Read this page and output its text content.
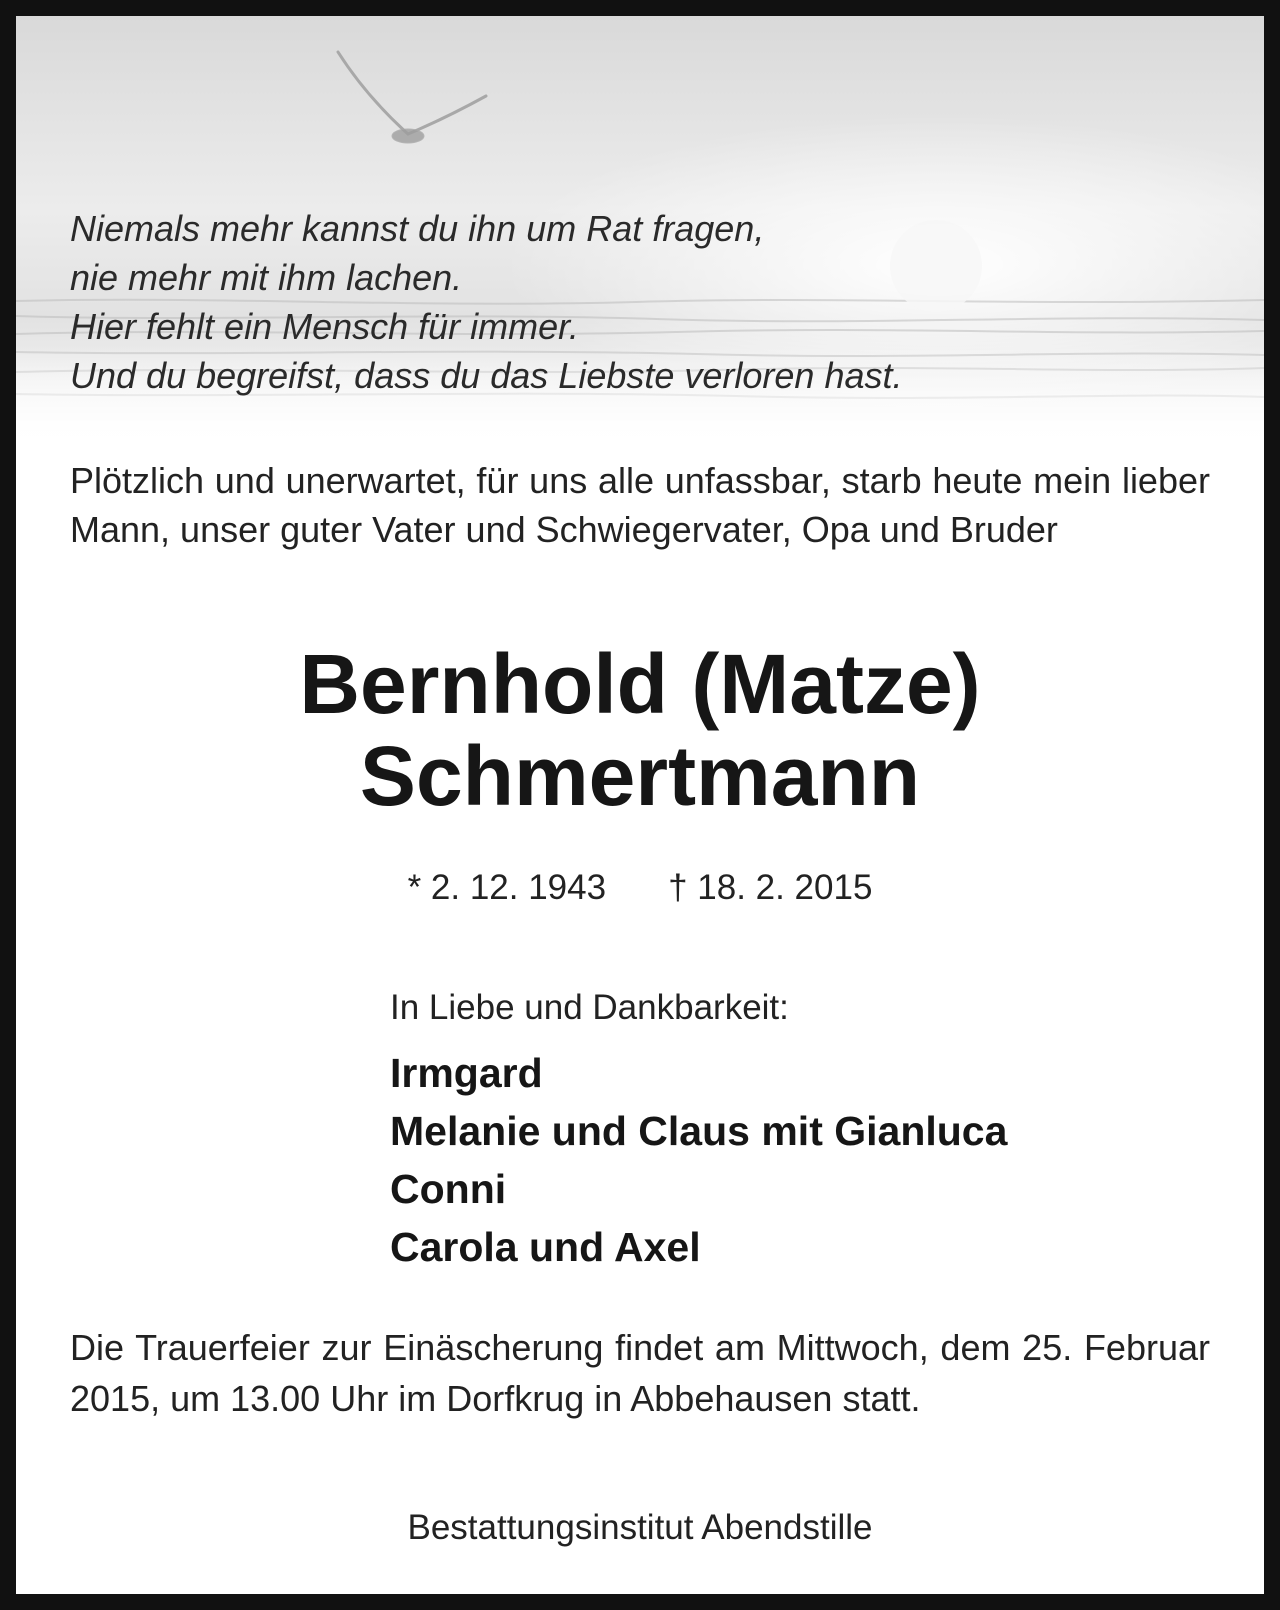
Niemals mehr kannst du ihn um Rat fragen,
nie mehr mit ihm lachen.
Hier fehlt ein Mensch für immer.
Und du begreifst, dass du das Liebste verloren hast.
Plötzlich und unerwartet, für uns alle unfassbar, starb heute mein lieber Mann, unser guter Vater und Schwiegervater, Opa und Bruder
Bernhold (Matze)
Schmertmann
* 2. 12. 1943 † 18. 2. 2015
In Liebe und Dankbarkeit:
Irmgard
Melanie und Claus mit Gianluca
Conni
Carola und Axel
Die Trauerfeier zur Einäscherung findet am Mittwoch, dem 25. Februar 2015, um 13.00 Uhr im Dorfkrug in Abbehausen statt.
Bestattungsinstitut Abendstille
